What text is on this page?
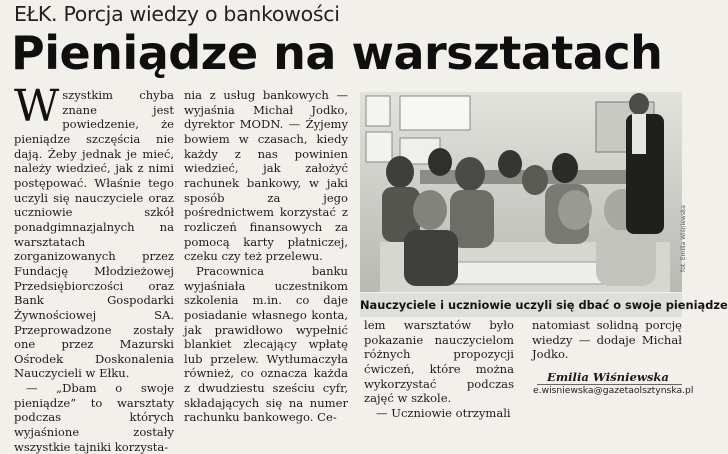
EŁK. Porcja wiedzy o bankowości
Pieniądze na warsztatach

Wszystkim chyba znane jest powiedzenie, że pieniądze szczęścia nie dają. Żeby jednak je mieć, należy wiedzieć, jak z nimi postępować. Właśnie tego uczyli się nauczyciele oraz uczniowie szkół ponadgimnazjalnych na warsztatach zorganizowanych przez Fundację Młodzieżowej Przedsiębiorczości oraz Bank Gospodarki Żywnościowej SA. Przeprowadzone zostały one przez Mazurski Ośrodek Doskonalenia Nauczycieli w Ełku.

— „Dbam o swoje pieniądze” to warsztaty podczas których wyjaśnione zostały wszystkie tajniki korzysta-

nia z usług bankowych — wyjaśnia Michał Jodko, dyrektor MODN. — Żyjemy bowiem w czasach, kiedy każdy z nas powinien wiedzieć, jak założyć rachunek bankowy, w jaki sposób za jego pośrednictwem korzystać z rozliczeń finansowych za pomocą karty płatniczej, czeku czy też przelewu.

Pracownica banku wyjaśniała uczestnikom szkolenia m.in. co daje posiadanie własnego konta, jak prawidłowo wypełnić blankiet zlecający wpłatę lub przelew. Wytłumaczyła również, co oznacza każda z dwudziestu sześciu cyfr, składających się na numer rachunku bankowego. Ce-

fot. Emilia Wiśniewska
Nauczyciele i uczniowie uczyli się dbać o swoje pieniądze

lem warsztatów było pokazanie nauczycielom różnych propozycji ćwiczeń, które można wykorzystać podczas zajęć w szkole.

— Uczniowie otrzymali

natomiast solidną porcję wiedzy — dodaje Michał Jodko.

Emilia Wiśniewska
e.wisniewska@gazetaolsztynska.pl
